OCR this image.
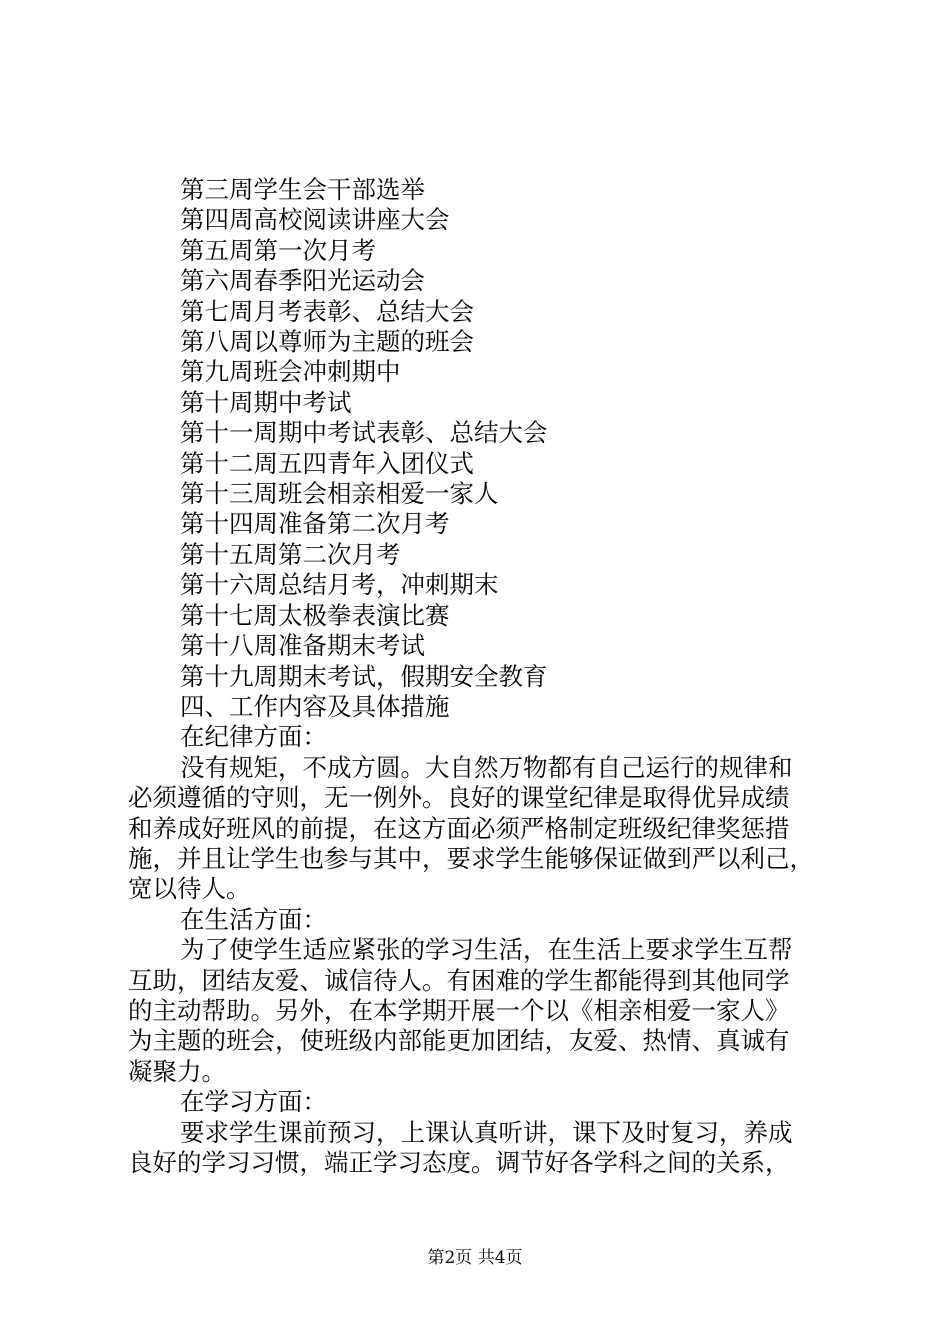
第三周学生会干部选举
第四周高校阅读讲座大会
第五周第一次月考
第六周春季阳光运动会
第七周月考表彰、总结大会
第八周以尊师为主题的班会
第九周班会冲刺期中
第十周期中考试
第十一周期中考试表彰、总结大会
第十二周五四青年入团仪式
第十三周班会相亲相爱一家人
第十四周准备第二次月考
第十五周第二次月考
第十六周总结月考，冲刺期末
第十七周太极拳表演比赛
第十八周准备期末考试
第十九周期末考试，假期安全教育
四、工作内容及具体措施
在纪律方面：
没有规矩，不成方圆。大自然万物都有自己运行的规律和
必须遵循的守则，无一例外。良好的课堂纪律是取得优异成绩
和养成好班风的前提，在这方面必须严格制定班级纪律奖惩措
施，并且让学生也参与其中，要求学生能够保证做到严以利己，
宽以待人。
在生活方面：
为了使学生适应紧张的学习生活，在生活上要求学生互帮
互助，团结友爱、诚信待人。有困难的学生都能得到其他同学
的主动帮助。另外，在本学期开展一个以《相亲相爱一家人》
为主题的班会，使班级内部能更加团结，友爱、热情、真诚有
凝聚力。
在学习方面：
要求学生课前预习，上课认真听讲，课下及时复习，养成
良好的学习习惯，端正学习态度。调节好各学科之间的关系，
第2页 共4页
